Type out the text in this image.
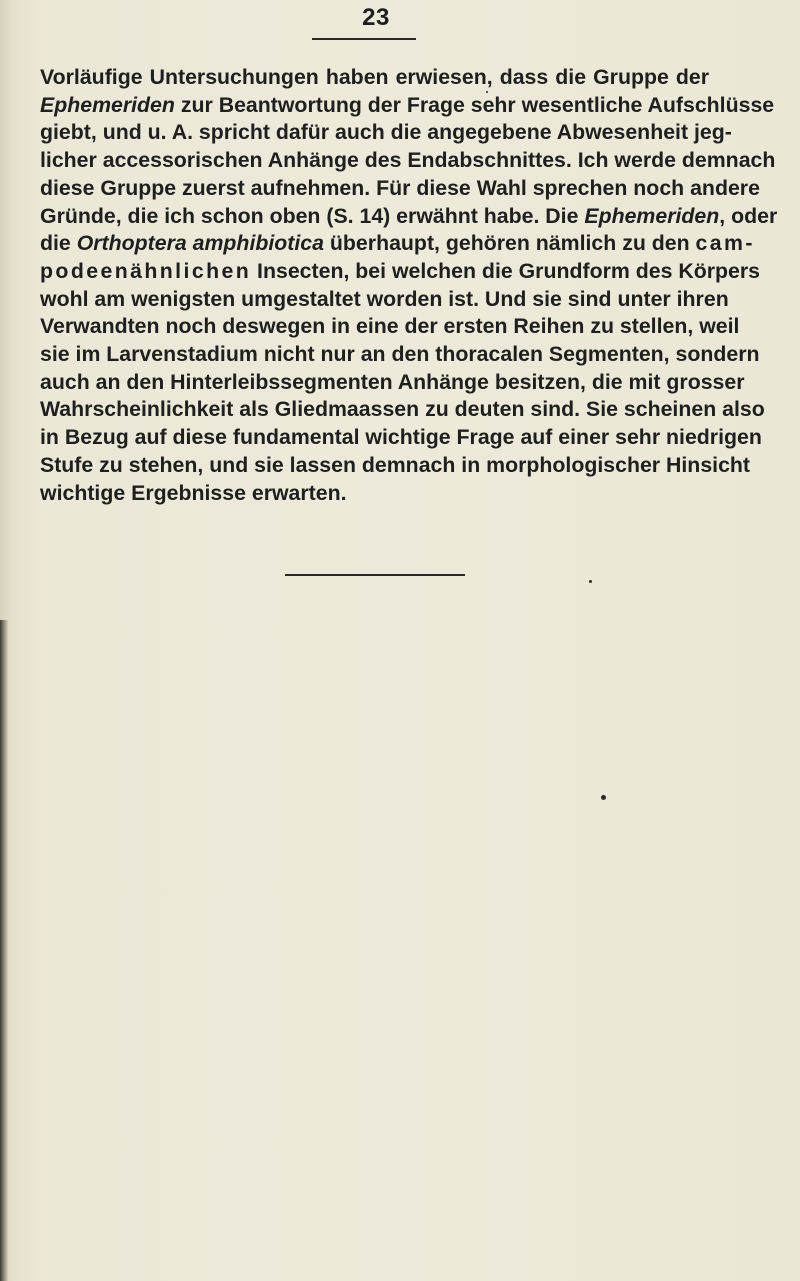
23
Vorläufige Untersuchungen haben erwiesen, dass die Gruppe der
Ephemeriden zur Beantwortung der Frage sehr wesentliche Aufschlüsse
giebt, und u. A. spricht dafür auch die angegebene Abwesenheit jeg-
licher accessorischen Anhänge des Endabschnittes. Ich werde demnach
diese Gruppe zuerst aufnehmen. Für diese Wahl sprechen noch andere
Gründe, die ich schon oben (S. 14) erwähnt habe. Die Ephemeriden, oder
die Orthoptera amphibiotica überhaupt, gehören nämlich zu den cam-
podeenähnlichen Insecten, bei welchen die Grundform des Körpers
wohl am wenigsten umgestaltet worden ist. Und sie sind unter ihren
Verwandten noch deswegen in eine der ersten Reihen zu stellen, weil
sie im Larvenstadium nicht nur an den thoracalen Segmenten, sondern
auch an den Hinterleibssegmenten Anhänge besitzen, die mit grosser
Wahrscheinlichkeit als Gliedmaassen zu deuten sind. Sie scheinen also
in Bezug auf diese fundamental wichtige Frage auf einer sehr niedrigen
Stufe zu stehen, und sie lassen demnach in morphologischer Hinsicht
wichtige Ergebnisse erwarten.
